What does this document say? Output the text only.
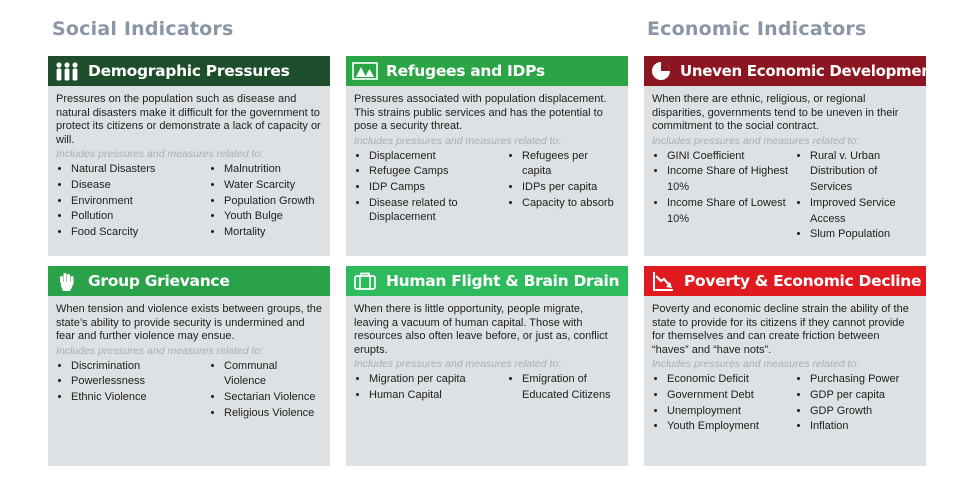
Social Indicators	Economic Indicators
Demographic Pressures

Pressures on the population such as disease and natural disasters make it difficult for the government to protect its citizens or demonstrate a lack of capacity or will.

Includes pressures and measures related to:
• Natural Disasters
• Disease
• Environment
• Pollution
• Food Scarcity
• Malnutrition
• Water Scarcity
• Population Growth
• Youth Bulge
• Mortality
Refugees and IDPs

Pressures associated with population displacement. This strains public services and has the potential to pose a security threat.

Includes pressures and measures related to:
• Displacement
• Refugee Camps
• IDP Camps
• Disease related to Displacement
• Refugees per capita
• IDPs per capita
• Capacity to absorb
Uneven Economic Development

When there are ethnic, religious, or regional disparities, governments tend to be uneven in their commitment to the social contract.

Includes pressures and measures related to:
• GINI Coefficient
• Income Share of Highest 10%
• Income Share of Lowest 10%
• Rural v. Urban Distribution of Services
• Improved Service Access
• Slum Population
Group Grievance

When tension and violence exists between groups, the state’s ability to provide security is undermined and fear and further violence may ensue.

Includes pressures and measures related to:
• Discrimination
• Powerlessness
• Ethnic Violence
• Communal Violence
• Sectarian Violence
• Religious Violence
Human Flight & Brain Drain

When there is little opportunity, people migrate, leaving a vacuum of human capital. Those with resources also often leave before, or just as, conflict erupts.

Includes pressures and measures related to:
• Migration per capita
• Human Capital
• Emigration of Educated Citizens
Poverty & Economic Decline

Poverty and economic decline strain the ability of the state to provide for its citizens if they cannot provide for themselves and can create friction between “haves” and “have nots”.

Includes pressures and measures related to:
• Economic Deficit
• Government Debt
• Unemployment
• Youth Employment
• Purchasing Power
• GDP per capita
• GDP Growth
• Inflation
